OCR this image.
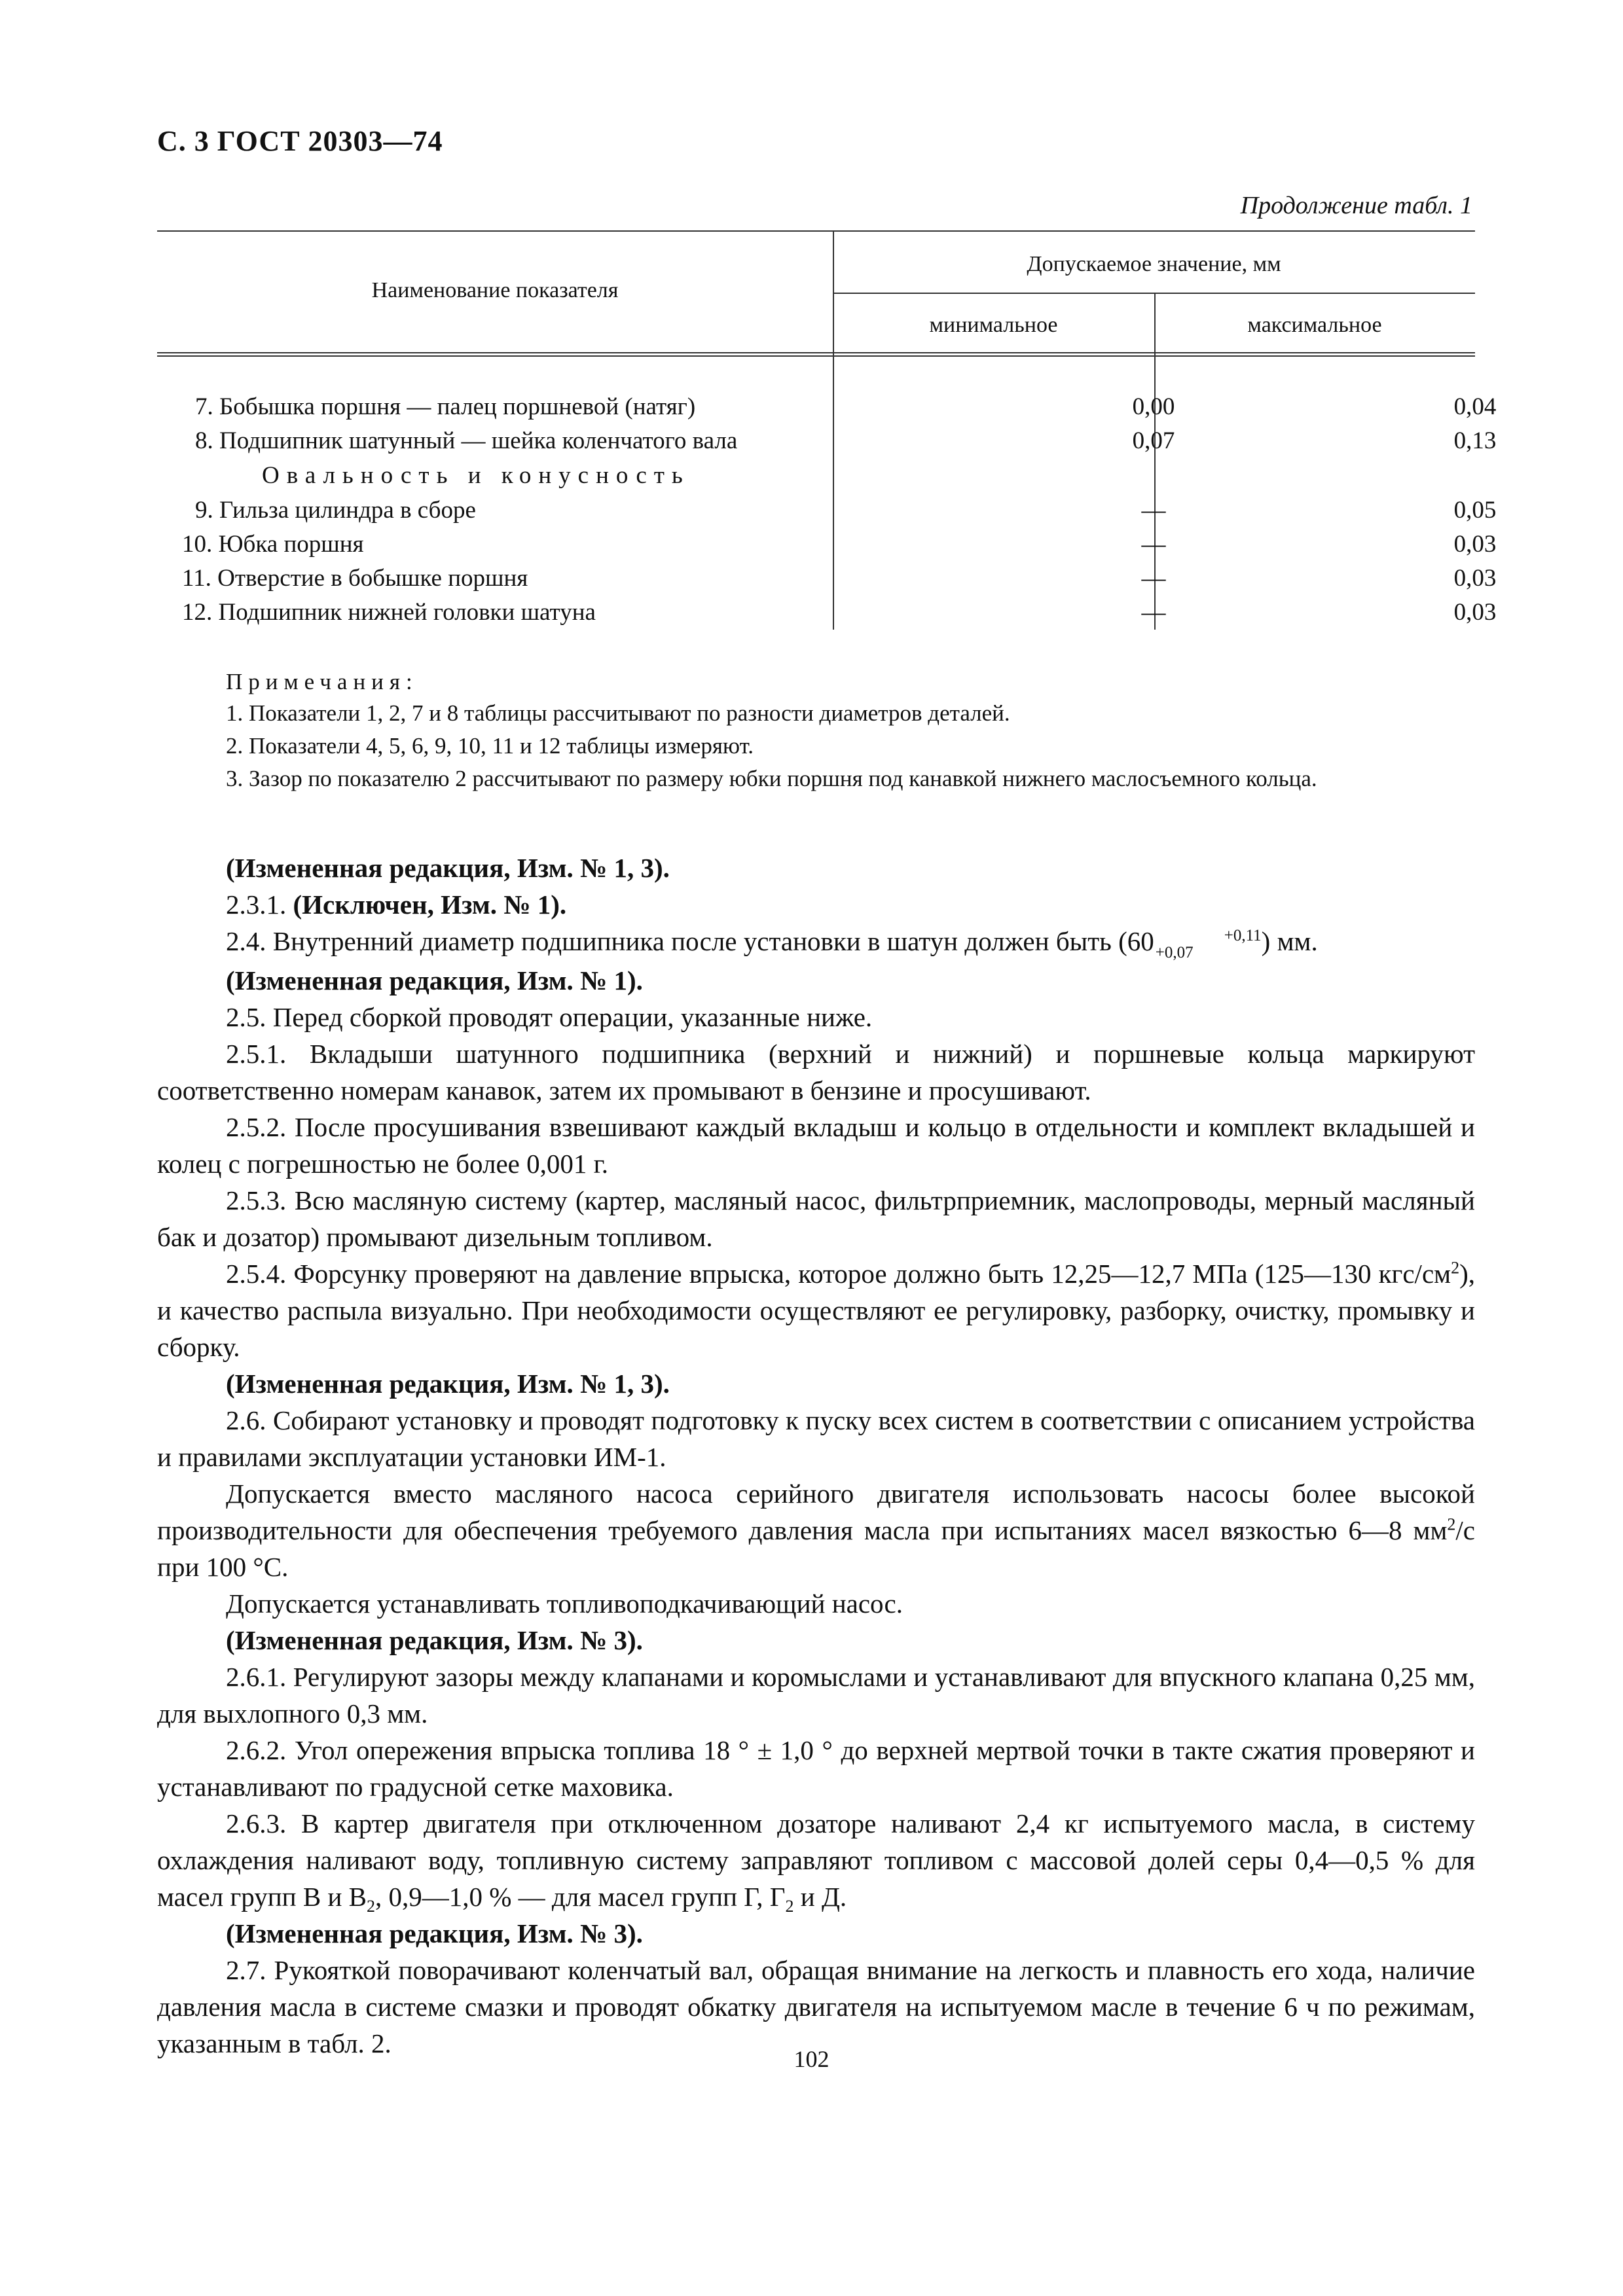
С. 3 ГОСТ 20303—74
Продолжение табл. 1
Наименование показателя
Допускаемое значение, мм
минимальное	максимальное
7. Бобышка поршня — палец поршневой (натяг)	0,00	0,04
8. Подшипник шатунный — шейка коленчатого вала	0,07	0,13
Овальность и конусность
9. Гильза цилиндра в сборе	—	0,05
10. Юбка поршня	—	0,03
11. Отверстие в бобышке поршня	—	0,03
12. Подшипник нижней головки шатуна	—	0,03
Примечания:
1. Показатели 1, 2, 7 и 8 таблицы рассчитывают по разности диаметров деталей.
2. Показатели 4, 5, 6, 9, 10, 11 и 12 таблицы измеряют.
3. Зазор по показателю 2 рассчитывают по размеру юбки поршня под канавкой нижнего маслосъемного кольца.
(Измененная редакция, Изм. № 1, 3).
2.3.1. (Исключен, Изм. № 1).
2.4. Внутренний диаметр подшипника после установки в шатун должен быть (60	+0,11
+0,07	) мм.
(Измененная редакция, Изм. № 1).
2.5. Перед сборкой проводят операции, указанные ниже.
2.5.1. Вкладыши шатунного подшипника (верхний и нижний) и поршневые кольца маркируют соответственно номерам канавок, затем их промывают в бензине и просушивают.
2.5.2. После просушивания взвешивают каждый вкладыш и кольцо в отдельности и комплект вкладышей и колец с погрешностью не более 0,001 г.
2.5.3. Всю масляную систему (картер, масляный насос, фильтрприемник, маслопроводы, мерный масляный бак и дозатор) промывают дизельным топливом.
2.5.4. Форсунку проверяют на давление впрыска, которое должно быть 12,25—12,7 МПа (125—130 кгс/$см^2$), и качество распыла визуально. При необходимости осуществляют ее регулировку, разборку, очистку, промывку и сборку.
(Измененная редакция, Изм. № 1, 3).
2.6. Собирают установку и проводят подготовку к пуску всех систем в соответствии с описанием устройства и правилами эксплуатации установки ИМ-1.
Допускается вместо масляного насоса серийного двигателя использовать насосы более высокой производительности для обеспечения требуемого давления масла при испытаниях масел вязкостью 6—8 $мм^2/с$ при 100 °С.
Допускается устанавливать топливоподкачивающий насос.
(Измененная редакция, Изм. № 3).
2.6.1. Регулируют зазоры между клапанами и коромыслами и устанавливают для впускного клапана 0,25 мм, для выхлопного 0,3 мм.
2.6.2. Угол опережения впрыска топлива 18 ° ± 1,0 ° до верхней мертвой точки в такте сжатия проверяют и устанавливают по градусной сетке маховика.
2.6.3. В картер двигателя при отключенном дозаторе наливают 2,4 кг испытуемого масла, в систему охлаждения наливают воду, топливную систему заправляют топливом с массовой долей серы 0,4—0,5 % для масел групп В и $В_2$, 0,9—1,0 % — для масел групп Г, $Г_2$ и Д.
(Измененная редакция, Изм. № 3).
2.7. Рукояткой поворачивают коленчатый вал, обращая внимание на легкость и плавность его хода, наличие давления масла в системе смазки и проводят обкатку двигателя на испытуемом масле в течение 6 ч по режимам, указанным в табл. 2.
102
